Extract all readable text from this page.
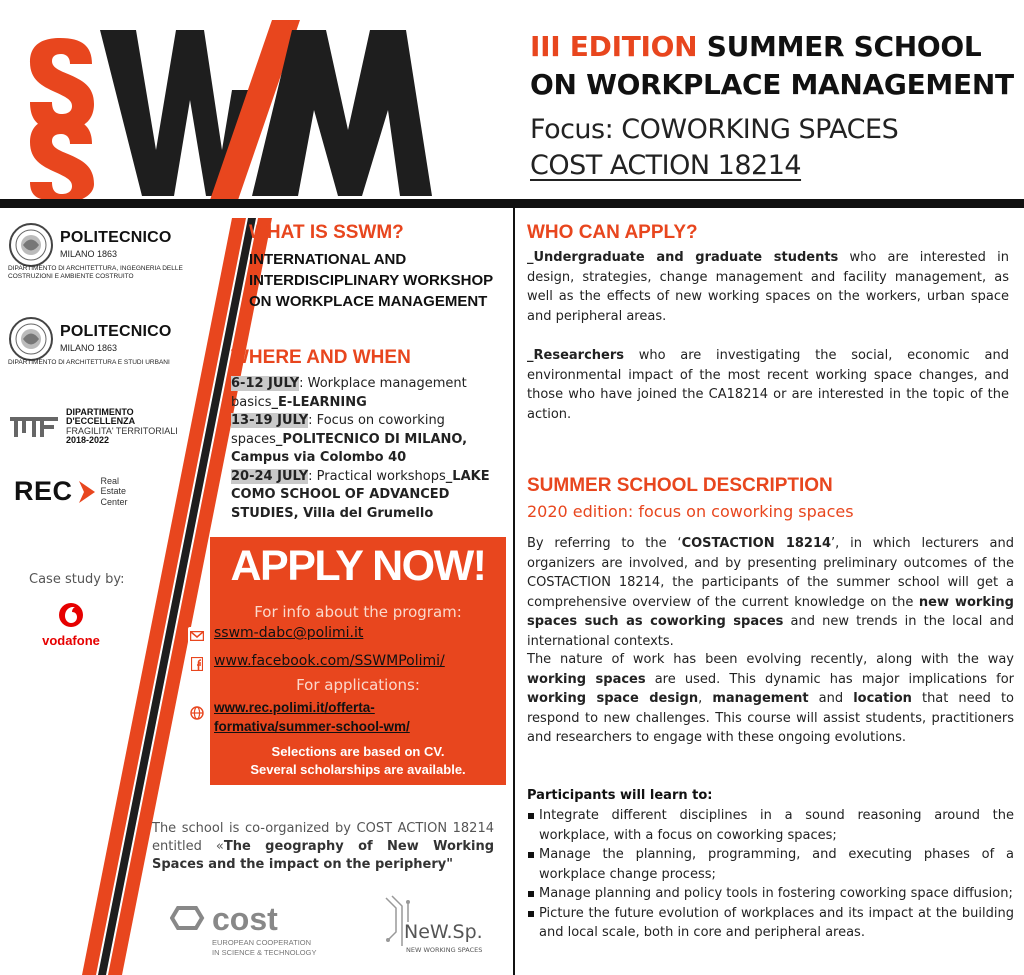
III EDITION SUMMER SCHOOL
ON WORKPLACE MANAGEMENT
Focus: COWORKING SPACES
COST ACTION 18214
POLITECNICO
MILANO 1863
DIPARTIMENTO DI ARCHITETTURA, INGEGNERIA DELLE COSTRUZIONI E AMBIENTE COSTRUITO
POLITECNICO
MILANO 1863
DIPARTIMENTO DI ARCHITETTURA E STUDI URBANI
DIPARTIMENTO
D'ECCELLENZA
FRAGILITA' TERRITORIALI
2018-2022
REC	Real
Estate
Center
Case study by:
vodafone
WHAT IS SSWM?
INTERNATIONAL AND INTERDISCIPLINARY WORKSHOP ON WORKPLACE MANAGEMENT
WHERE AND WHEN
6-12 JULY: Workplace management basics_E-LEARNING
13-19 JULY: Focus on coworking spaces_POLITECNICO DI MILANO, Campus via Colombo 40
20-24 JULY: Practical workshops_LAKE COMO SCHOOL OF ADVANCED STUDIES, Villa del Grumello
APPLY NOW!
For info about the program:
sswm-dabc@polimi.it
www.facebook.com/SSWMPolimi/
For applications:
www.rec.polimi.it/offerta-
formativa/summer-school-wm/
Selections are based on CV.
Several scholarships are available.
The school is co-organized by COST ACTION 18214 entitled «The geography of New Working Spaces and the impact on the periphery"
cost
EUROPEAN COOPERATION
IN SCIENCE & TECHNOLOGY
NeW.Sp.
NEW WORKING SPACES
WHO CAN APPLY?
_Undergraduate and graduate students who are interested in design, strategies, change management and facility management, as well as the effects of new working spaces on the workers, urban space and peripheral areas.
_Researchers who are investigating the social, economic and environmental impact of the most recent working space changes, and those who have joined the CA18214 or are interested in the topic of the action.
SUMMER SCHOOL DESCRIPTION
2020 edition: focus on coworking spaces
By referring to the ‘COSTACTION 18214’, in which lecturers and organizers are involved, and by presenting preliminary outcomes of the COSTACTION 18214, the participants of the summer school will get a comprehensive overview of the current knowledge on the new working spaces such as coworking spaces and new trends in the local and international contexts.
The nature of work has been evolving recently, along with the way working spaces are used. This dynamic has major implications for working space design, management and location that need to respond to new challenges. This course will assist students, practitioners and researchers to engage with these ongoing evolutions.
Participants will learn to:
Integrate different disciplines in a sound reasoning around the workplace, with a focus on coworking spaces;
Manage the planning, programming, and executing phases of a workplace change process;
Manage planning and policy tools in fostering coworking space diffusion;
Picture the future evolution of workplaces and its impact at the building and local scale, both in core and peripheral areas.
